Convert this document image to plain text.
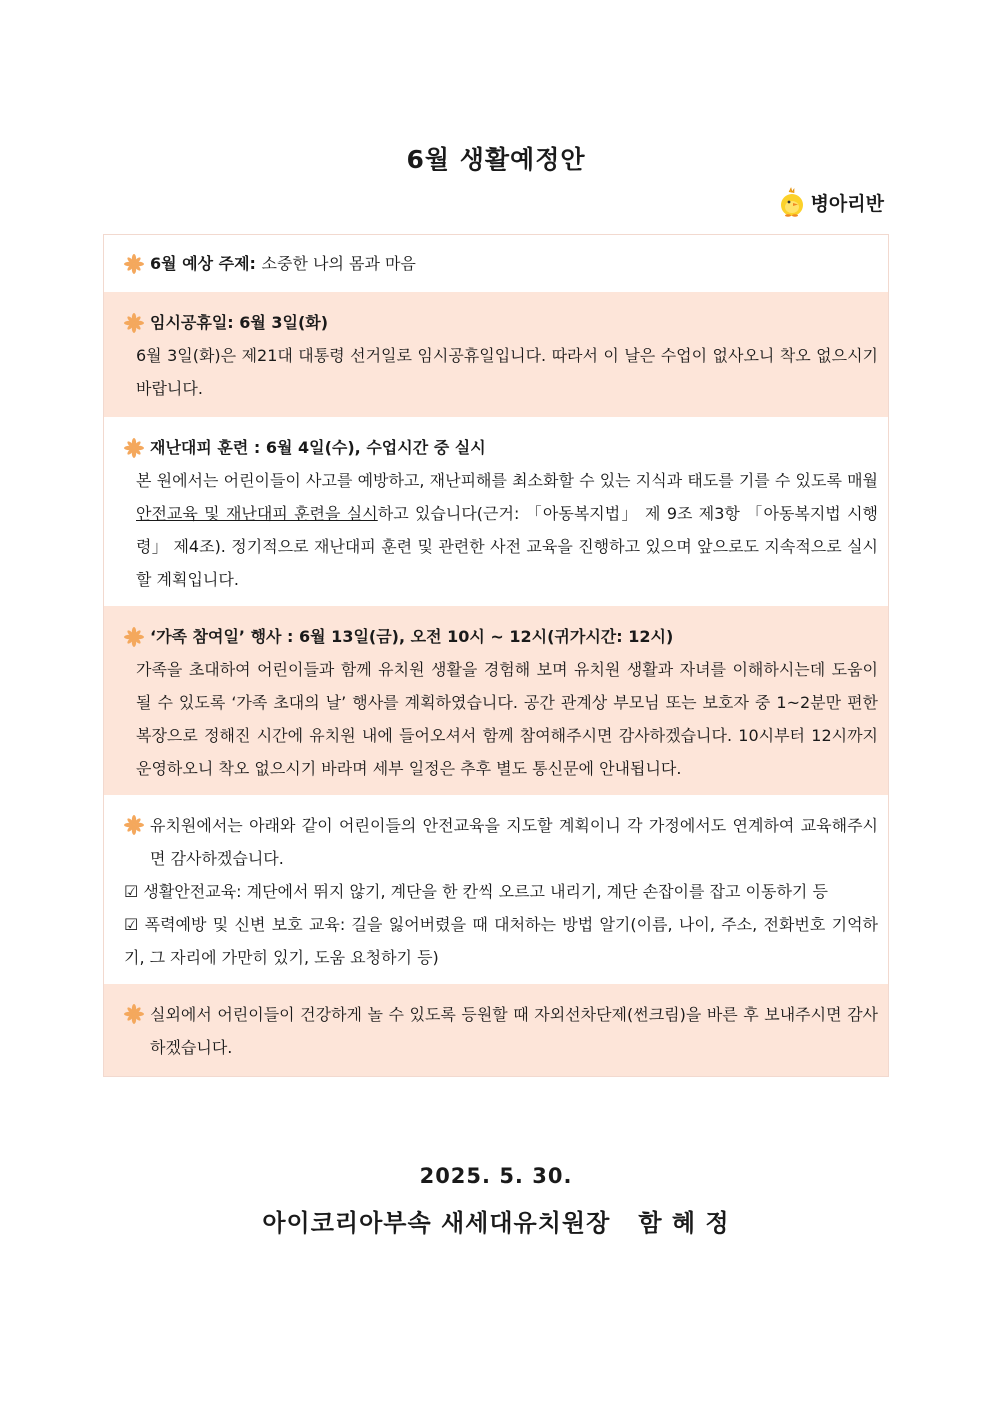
6월 생활예정안
병아리반
6월 예상 주제:
소중한 나의 몸과 마음
임시공휴일: 6월 3일(화)
6월 3일(화)은 제21대 대통령 선거일로 임시공휴일입니다. 따라서 이 날은 수업이 없사오니 착오 없으시기 바랍니다.
재난대피 훈련 : 6월 4일(수), 수업시간 중 실시
본 원에서는 어린이들이 사고를 예방하고, 재난피해를 최소화할 수 있는 지식과 태도를 기를 수 있도록 매월 안전교육 및 재난대피 훈련을 실시하고 있습니다(근거: 「아동복지법」 제 9조 제3항 「아동복지법 시행령」 제4조). 정기적으로 재난대피 훈련 및 관련한 사전 교육을 진행하고 있으며 앞으로도 지속적으로 실시할 계획입니다.
‘가족 참여일’ 행사 : 6월 13일(금), 오전 10시 ~ 12시(귀가시간: 12시)
가족을 초대하여 어린이들과 함께 유치원 생활을 경험해 보며 유치원 생활과 자녀를 이해하시는데 도움이 될 수 있도록 ‘가족 초대의 날’ 행사를 계획하였습니다. 공간 관계상 부모님 또는 보호자 중 1~2분만 편한 복장으로 정해진 시간에 유치원 내에 들어오셔서 함께 참여해주시면 감사하겠습니다. 10시부터 12시까지 운영하오니 착오 없으시기 바라며 세부 일정은 추후 별도 통신문에 안내됩니다.
유치원에서는 아래와 같이 어린이들의 안전교육을 지도할 계획이니 각 가정에서도 연계하여 교육해주시면 감사하겠습니다.
☑ 생활안전교육: 계단에서 뛰지 않기, 계단을 한 칸씩 오르고 내리기, 계단 손잡이를 잡고 이동하기 등
☑ 폭력예방 및 신변 보호 교육: 길을 잃어버렸을 때 대처하는 방법 알기(이름, 나이, 주소, 전화번호 기억하기, 그 자리에 가만히 있기, 도움 요청하기 등)
실외에서 어린이들이 건강하게 놀 수 있도록 등원할 때 자외선차단제(썬크림)을 바른 후 보내주시면 감사하겠습니다.
2025. 5. 30.
아이코리아부속 새세대유치원장   함 혜 정
